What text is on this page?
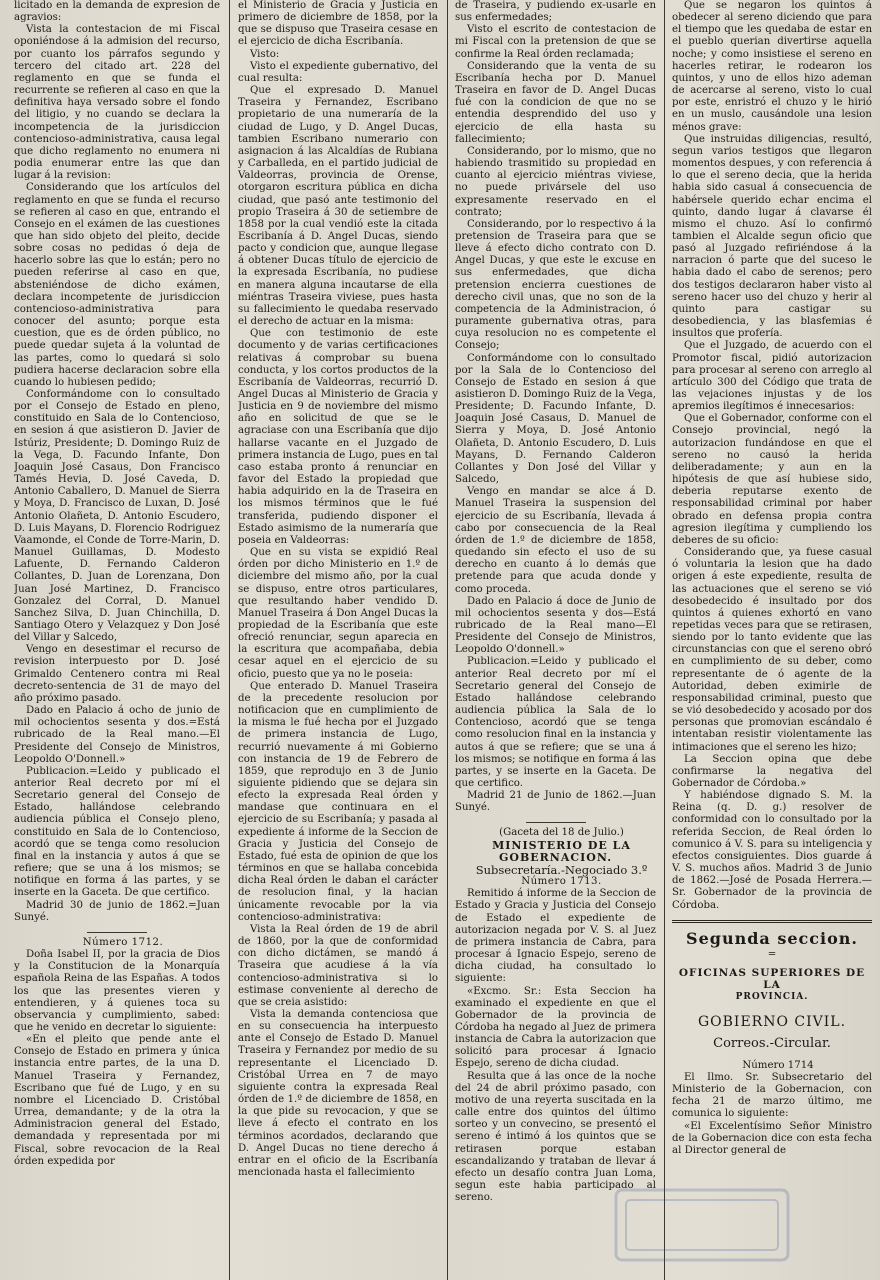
licitado en la demanda de expresion de agravios:

Vista la contestacion de mi Fiscal oponiéndose á la admision del recurso, por cuanto los párrafos segundo y tercero del citado art. 228 del reglamento en que se funda el recurrente se refieren al caso en que la definitiva haya versado sobre el fondo del litigio, y no cuando se declara la incompetencia de la jurisdiccion contencioso-administrativa, causa legal que dicho reglamento no enumera ni podia enumerar entre las que dan lugar á la revision:

Considerando que los artículos del reglamento en que se funda el recurso se refieren al caso en que, entrando el Consejo en el exámen de las cuestiones que han sido objeto del pleito, decide sobre cosas no pedidas ó deja de hacerlo sobre las que lo están; pero no pueden referirse al caso en que, absteniéndose de dicho exámen, declara incompetente de jurisdiccion contencioso-administrativa para conocer del asunto; porque esta cuestion, que es de órden público, no puede quedar sujeta á la voluntad de las partes, como lo quedará si solo pudiera hacerse declaracion sobre ella cuando lo hubiesen pedido;

Conformándome con lo consultado por el Consejo de Estado en pleno, constituido en Sala de lo Contencioso, en sesion á que asistieron D. Javier de Istúriz, Presidente; D. Domingo Ruiz de la Vega, D. Facundo Infante, Don Joaquin José Casaus, Don Francisco Tamés Hevia, D. José Caveda, D. Antonio Caballero, D. Manuel de Sierra y Moya, D. Francisco de Luxan, D. José Antonio Olañeta, D. Antonio Escudero, D. Luis Mayans, D. Florencio Rodriguez Vaamonde, el Conde de Torre-Marin, D. Manuel Guillamas, D. Modesto Lafuente, D. Fernando Calderon Collantes, D. Juan de Lorenzana, Don Juan José Martinez, D. Francisco Gonzalez del Corral, D. Manuel Sanchez Silva, D. Juan Chinchilla, D. Santiago Otero y Velazquez y Don José del Villar y Salcedo,

Vengo en desestimar el recurso de revision interpuesto por D. José Grimaldo Centenero contra mi Real decreto-sentencia de 31 de mayo del año próximo pasado.

Dado en Palacio á ocho de junio de mil ochocientos sesenta y dos.=Está rubricado de la Real mano.—El Presidente del Consejo de Ministros, Leopoldo O'Donnell.»

Publicacion.=Leido y publicado el anterior Real decreto por mí el Secretario general del Consejo de Estado, hallándose celebrando audiencia pública el Consejo pleno, constituido en Sala de lo Contencioso, acordó que se tenga como resolucion final en la instancia y autos á que se refiere; que se una á los mismos; se notifique en forma á las partes, y se inserte en la Gaceta. De que certifico.

Madrid 30 de junio de 1862.=Juan Sunyé.

Número 1712.

Doña Isabel II, por la gracia de Dios y la Constitucion de la Monarquía española Reina de las Españas. A todos los que las presentes vieren y entendieren, y á quienes toca su observancia y cumplimiento, sabed: que he venido en decretar lo siguiente:

«En el pleito que pende ante el Consejo de Estado en primera y única instancia entre partes, de la una D. Manuel Traseira y Fernandez, Escribano que fué de Lugo, y en su nombre el Licenciado D. Cristóbal Urrea, demandante; y de la otra la Administracion general del Estado, demandada y representada por mi Fiscal, sobre revocacion de la Real órden expedida por

el Ministerio de Gracia y Justicia en primero de diciembre de 1858, por la que se dispuso que Traseira cesase en el ejercicio de dicha Escribanía.

Visto:

Visto el expediente gubernativo, del cual resulta:

Que el expresado D. Manuel Traseira y Fernandez, Escribano propietario de una numeraría de la ciudad de Lugo, y D. Angel Ducas, tambien Escribano numerario con asignacion á las Alcaldías de Rubiana y Carballeda, en el partido judicial de Valdeorras, provincia de Orense, otorgaron escritura pública en dicha ciudad, que pasó ante testimonio del propio Traseira á 30 de setiembre de 1858 por la cual vendió este la citada Escribanía á D. Angel Ducas, siendo pacto y condicion que, aunque llegase á obtener Ducas título de ejercicio de la expresada Escribanía, no pudiese en manera alguna incautarse de ella miéntras Traseira viviese, pues hasta su fallecimiento le quedaba reservado el derecho de actuar en la misma:

Que con testimonio de este documento y de varias certificaciones relativas á comprobar su buena conducta, y los cortos productos de la Escribanía de Valdeorras, recurrió D. Angel Ducas al Ministerio de Gracia y Justicia en 9 de noviembre del mismo año en solicitud de que se le agraciase con una Escribanía que dijo hallarse vacante en el Juzgado de primera instancia de Lugo, pues en tal caso estaba pronto á renunciar en favor del Estado la propiedad que habia adquirido en la de Traseira en los mismos términos que le fué transferida, pudiendo disponer el Estado asimismo de la numeraría que poseia en Valdeorras:

Que en su vista se expidió Real órden por dicho Ministerio en 1.º de diciembre del mismo año, por la cual se dispuso, entre otros particulares, que resultando haber vendido D. Manuel Traseira á Don Angel Ducas la propiedad de la Escribanía que este ofreció renunciar, segun aparecia en la escritura que acompañaba, debia cesar aquel en el ejercicio de su oficio, puesto que ya no le poseia:

Que enterado D. Manuel Traseira de la precedente resolucion por notificacion que en cumplimiento de la misma le fué hecha por el Juzgado de primera instancia de Lugo, recurrió nuevamente á mi Gobierno con instancia de 19 de Febrero de 1859, que reprodujo en 3 de Junio siguiente pidiendo que se dejara sin efecto la expresada Real órden y mandase que continuara en el ejercicio de su Escribanía; y pasada al expediente á informe de la Seccion de Gracia y Justicia del Consejo de Estado, fué esta de opinion de que los términos en que se hallaba concebida dicha Real órden le daban el carácter de resolucion final, y la hacian únicamente revocable por la via contencioso-administrativa:

Vista la Real órden de 19 de abril de 1860, por la que de conformidad con dicho dictámen, se mandó á Traseira que acudiese á la vía contencioso-administrativa si lo estimase conveniente al derecho de que se creia asistido:

Vista la demanda contenciosa que en su consecuencia ha interpuesto ante el Consejo de Estado D. Manuel Traseira y Fernandez por medio de su representante el Licenciado D. Cristóbal Urrea en 7 de mayo siguiente contra la expresada Real órden de 1.º de diciembre de 1858, en la que pide su revocacion, y que se lleve á efecto el contrato en los términos acordados, declarando que D. Angel Ducas no tiene derecho á entrar en el oficio de la Escribanía mencionada hasta el fallecimiento

de Traseira, y pudiendo ex-usarle en sus enfermedades;

Visto el escrito de contestacion de mi Fiscal con la pretension de que se confirme la Real órden reclamada;

Considerando que la venta de su Escribanía hecha por D. Manuel Traseira en favor de D. Angel Ducas fué con la condicion de que no se entendia desprendido del uso y ejercicio de ella hasta su fallecimiento;

Considerando, por lo mismo, que no habiendo trasmitido su propiedad en cuanto al ejercicio miéntras viviese, no puede privársele del uso expresamente reservado en el contrato;

Considerando, por lo respectivo á la pretension de Traseira para que se lleve á efecto dicho contrato con D. Angel Ducas, y que este le excuse en sus enfermedades, que dicha pretension encierra cuestiones de derecho civil unas, que no son de la competencia de la Administracion, ó puramente gubernativa otras, para cuya resolucion no es competente el Consejo;

Conformándome con lo consultado por la Sala de lo Contencioso del Consejo de Estado en sesion á que asistieron D. Domingo Ruiz de la Vega, Presidente; D. Facundo Infante, D. Joaquin José Casaus, D. Manuel de Sierra y Moya, D. José Antonio Olañeta, D. Antonio Escudero, D. Luis Mayans, D. Fernando Calderon Collantes y Don José del Villar y Salcedo,

Vengo en mandar se alce á D. Manuel Traseira la suspension del ejercicio de su Escribanía, llevada á cabo por consecuencia de la Real órden de 1.º de diciembre de 1858, quedando sin efecto el uso de su derecho en cuanto á lo demás que pretende para que acuda donde y como proceda.

Dado en Palacio á doce de Junio de mil ochocientos sesenta y dos—Está rubricado de la Real mano—El Presidente del Consejo de Ministros, Leopoldo O'donnell.»

Publicacion.=Leido y publicado el anterior Real decreto por mí el Secretario general del Consejo de Estado hallándose celebrando audiencia pública la Sala de lo Contencioso, acordó que se tenga como resolucion final en la instancia y autos á que se refiere; que se una á los mismos; se notifique en forma á las partes, y se inserte en la Gaceta. De que certifico.

Madrid 21 de Junio de 1862.—Juan Sunyé.

(Gaceta del 18 de Julio.)

MINISTERIO DE LA GOBERNACION.

Subsecretaría.-Negociado 3.º

Número 1713.

Remitido á informe de la Seccion de Estado y Gracia y Justicia del Consejo de Estado el expediente de autorizacion negada por V. S. al Juez de primera instancia de Cabra, para procesar á Ignacio Espejo, sereno de dicha ciudad, ha consultado lo siguiente:

«Excmo. Sr.: Esta Seccion ha examinado el expediente en que el Gobernador de la provincia de Córdoba ha negado al Juez de primera instancia de Cabra la autorizacion que solicitó para procesar á Ignacio Espejo, sereno de dicha ciudad.

Resulta que á las once de la noche del 24 de abril próximo pasado, con motivo de una reyerta suscitada en la calle entre dos quintos del último sorteo y un convecino, se presentó el sereno é intimó á los quintos que se retirasen porque estaban escandalizando y trataban de llevar á efecto un desafío contra Juan Loma, segun este habia participado al sereno.

Que se negaron los quintos á obedecer al sereno diciendo que para el tiempo que les quedaba de estar en el pueblo querian divertirse aquella noche; y como insistiese el sereno en hacerles retirar, le rodearon los quintos, y uno de ellos hizo ademan de acercarse al sereno, visto lo cual por este, enristró el chuzo y le hirió en un muslo, causándole una lesion ménos grave:

Que instruidas diligencias, resultó, segun varios testigos que llegaron momentos despues, y con referencia á lo que el sereno decia, que la herida habia sido casual á consecuencia de habérsele querido echar encima el quinto, dando lugar á clavarse él mismo el chuzo. Así lo confirmó tambien el Alcalde segun oficio que pasó al Juzgado refiriéndose á la narracion ó parte que del suceso le habia dado el cabo de serenos; pero dos testigos declararon haber visto al sereno hacer uso del chuzo y herir al quinto para castigar su desobediencia, y las blasfemias é insultos que profería.

Que el Juzgado, de acuerdo con el Promotor fiscal, pidió autorizacion para procesar al sereno con arreglo al artículo 300 del Código que trata de las vejaciones injustas y de los apremios ilegítimos é innecesarios:

Que el Gobernador, conforme con el Consejo provincial, negó la autorizacion fundándose en que el sereno no causó la herida deliberadamente; y aun en la hipótesis de que así hubiese sido, deberia reputarse exento de responsabilidad criminal por haber obrado en defensa propia contra agresion ilegítima y cumpliendo los deberes de su oficio:

Considerando que, ya fuese casual ó voluntaria la lesion que ha dado origen á este expediente, resulta de las actuaciones que el sereno se vió desobedecido é insultado por dos quintos á quienes exhortó en vano repetidas veces para que se retirasen, siendo por lo tanto evidente que las circunstancias con que el sereno obró en cumplimiento de su deber, como representante de ó agente de la Autoridad, deben eximirle de responsabilidad criminal, puesto que se vió desobedecido y acosado por dos personas que promovian escándalo é intentaban resistir violentamente las intimaciones que el sereno les hizo;

La Seccion opina que debe confirmarse la negativa del Gobernador de Córdoba.»

Y habiéndose dignado S. M. la Reina (q. D. g.) resolver de conformidad con lo consultado por la referida Seccion, de Real órden lo comunico á V. S. para su inteligencia y efectos consiguientes. Dios guarde á V. S. muchos años. Madrid 3 de Junio de 1862.—José de Posada Herrera.—Sr. Gobernador de la provincia de Córdoba.

Segunda seccion.
=
OFICINAS SUPERIORES DE LA
PROVINCIA.
GOBIERNO CIVIL.
Correos.-Circular.

Número 1714

El Ilmo. Sr. Subsecretario del Ministerio de la Gobernacion, con fecha 21 de marzo último, me comunica lo siguiente:

«El Excelentísimo Señor Ministro de la Gobernacion dice con esta fecha al Director general de
